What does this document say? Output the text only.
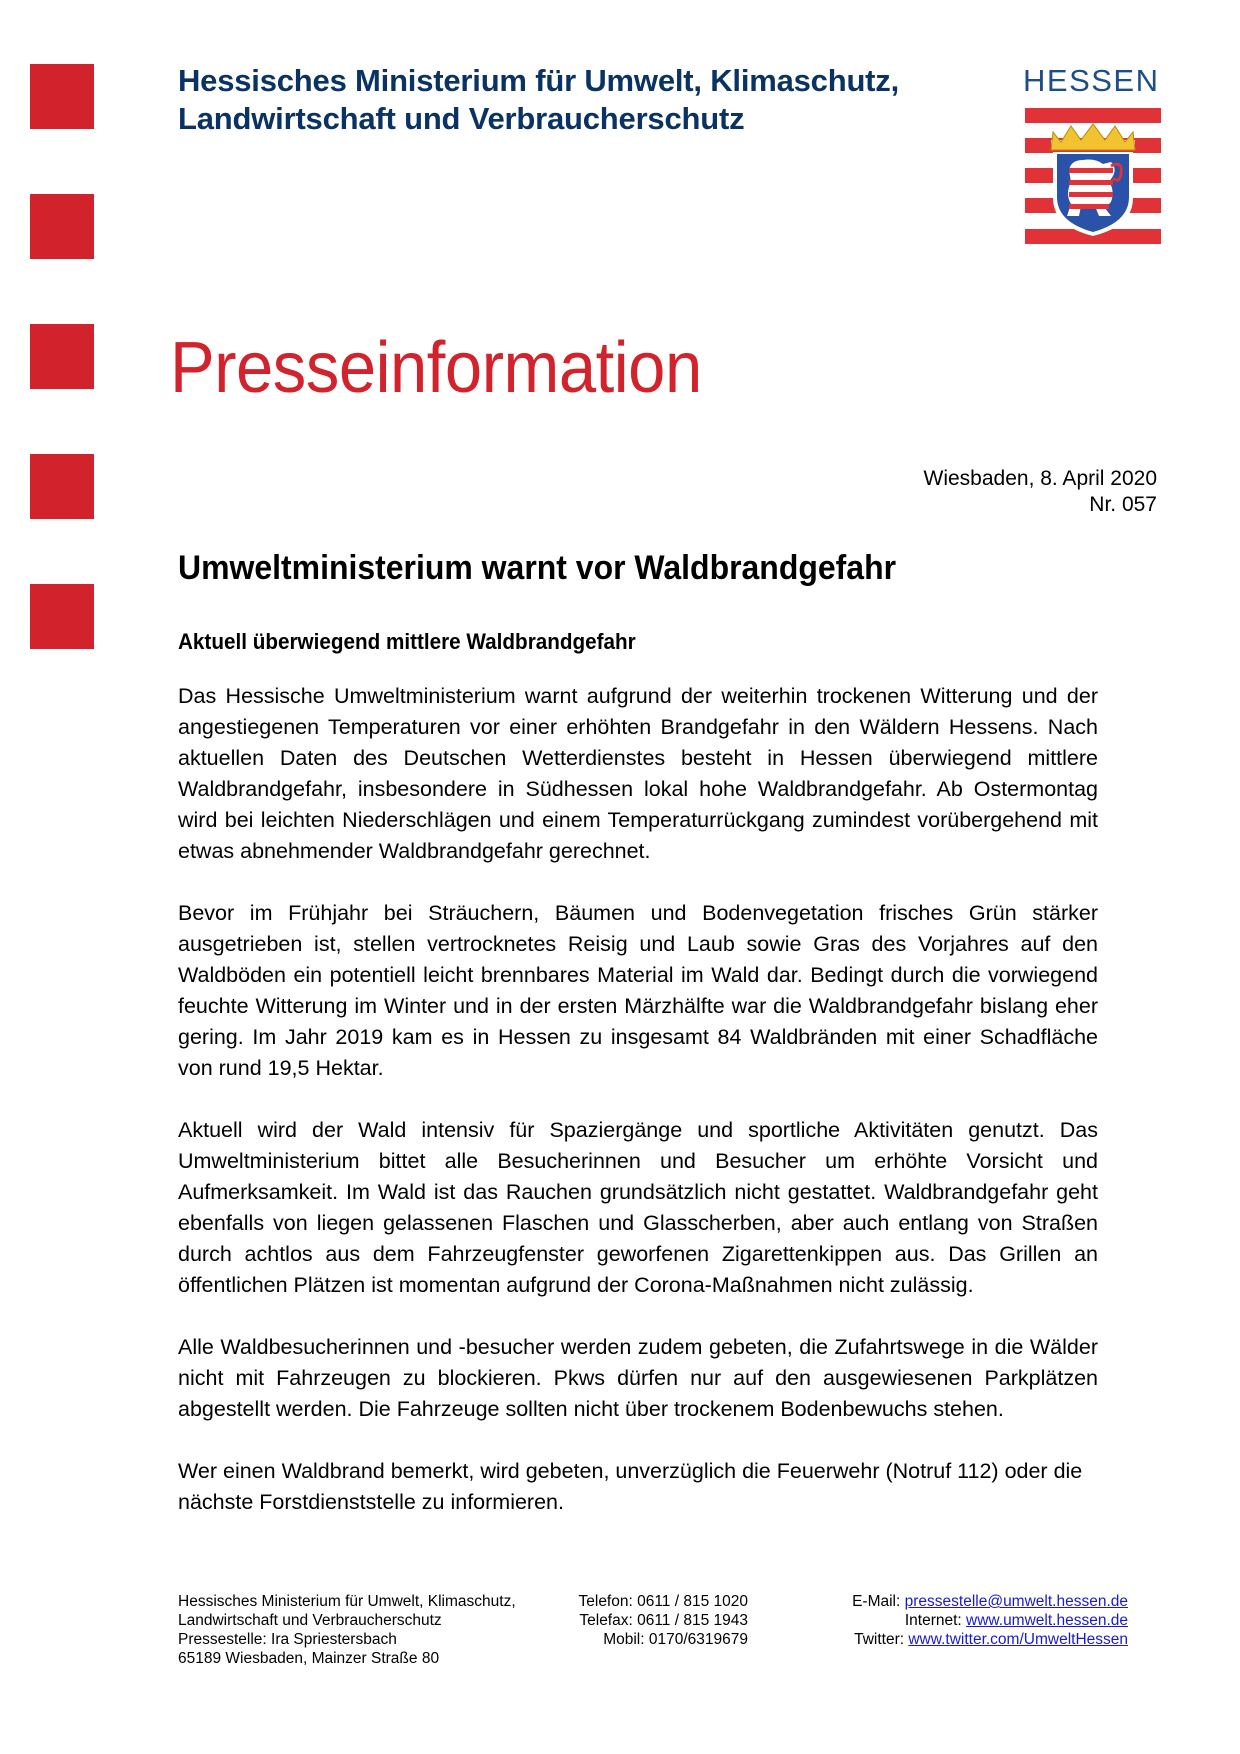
Hessisches Ministerium für Umwelt, Klimaschutz,
Landwirtschaft und Verbraucherschutz
HESSEN
Presseinformation
Wiesbaden, 8. April 2020
Nr. 057
Umweltministerium warnt vor Waldbrandgefahr
Aktuell überwiegend mittlere Waldbrandgefahr

Das Hessische Umweltministerium warnt aufgrund der weiterhin trockenen Witterung und der angestiegenen Temperaturen vor einer erhöhten Brandgefahr in den Wäldern Hessens. Nach aktuellen Daten des Deutschen Wetterdienstes besteht in Hessen überwiegend mittlere Waldbrandgefahr, insbesondere in Südhessen lokal hohe Waldbrandgefahr. Ab Ostermontag wird bei leichten Niederschlägen und einem Temperaturrückgang zumindest vorübergehend mit etwas abnehmender Waldbrandgefahr gerechnet.

Bevor im Frühjahr bei Sträuchern, Bäumen und Bodenvegetation frisches Grün stärker ausgetrieben ist, stellen vertrocknetes Reisig und Laub sowie Gras des Vorjahres auf den Waldböden ein potentiell leicht brennbares Material im Wald dar. Bedingt durch die vorwiegend feuchte Witterung im Winter und in der ersten Märzhälfte war die Waldbrandgefahr bislang eher gering. Im Jahr 2019 kam es in Hessen zu insgesamt 84 Waldbränden mit einer Schadfläche von rund 19,5 Hektar.

Aktuell wird der Wald intensiv für Spaziergänge und sportliche Aktivitäten genutzt. Das Umweltministerium bittet alle Besucherinnen und Besucher um erhöhte Vorsicht und Aufmerksamkeit. Im Wald ist das Rauchen grundsätzlich nicht gestattet. Waldbrandgefahr geht ebenfalls von liegen gelassenen Flaschen und Glasscherben, aber auch entlang von Straßen durch achtlos aus dem Fahrzeugfenster geworfenen Zigarettenkippen aus. Das Grillen an öffentlichen Plätzen ist momentan aufgrund der Corona-Maßnahmen nicht zulässig.

Alle Waldbesucherinnen und -besucher werden zudem gebeten, die Zufahrtswege in die Wälder nicht mit Fahrzeugen zu blockieren. Pkws dürfen nur auf den ausgewiesenen Parkplätzen abgestellt werden. Die Fahrzeuge sollten nicht über trockenem Bodenbewuchs stehen.

Wer einen Waldbrand bemerkt, wird gebeten, unverzüglich die Feuerwehr (Notruf 112) oder die nächste Forstdienststelle zu informieren.

Hessisches Ministerium für Umwelt, Klimaschutz,
Landwirtschaft und Verbraucherschutz
Pressestelle: Ira Spriestersbach
65189 Wiesbaden, Mainzer Straße 80
Telefon: 0611 / 815 1020
Telefax: 0611 / 815 1943
Mobil: 0170/6319679
E-Mail: pressestelle@umwelt.hessen.de
Internet: www.umwelt.hessen.de
Twitter: www.twitter.com/UmweltHessen
